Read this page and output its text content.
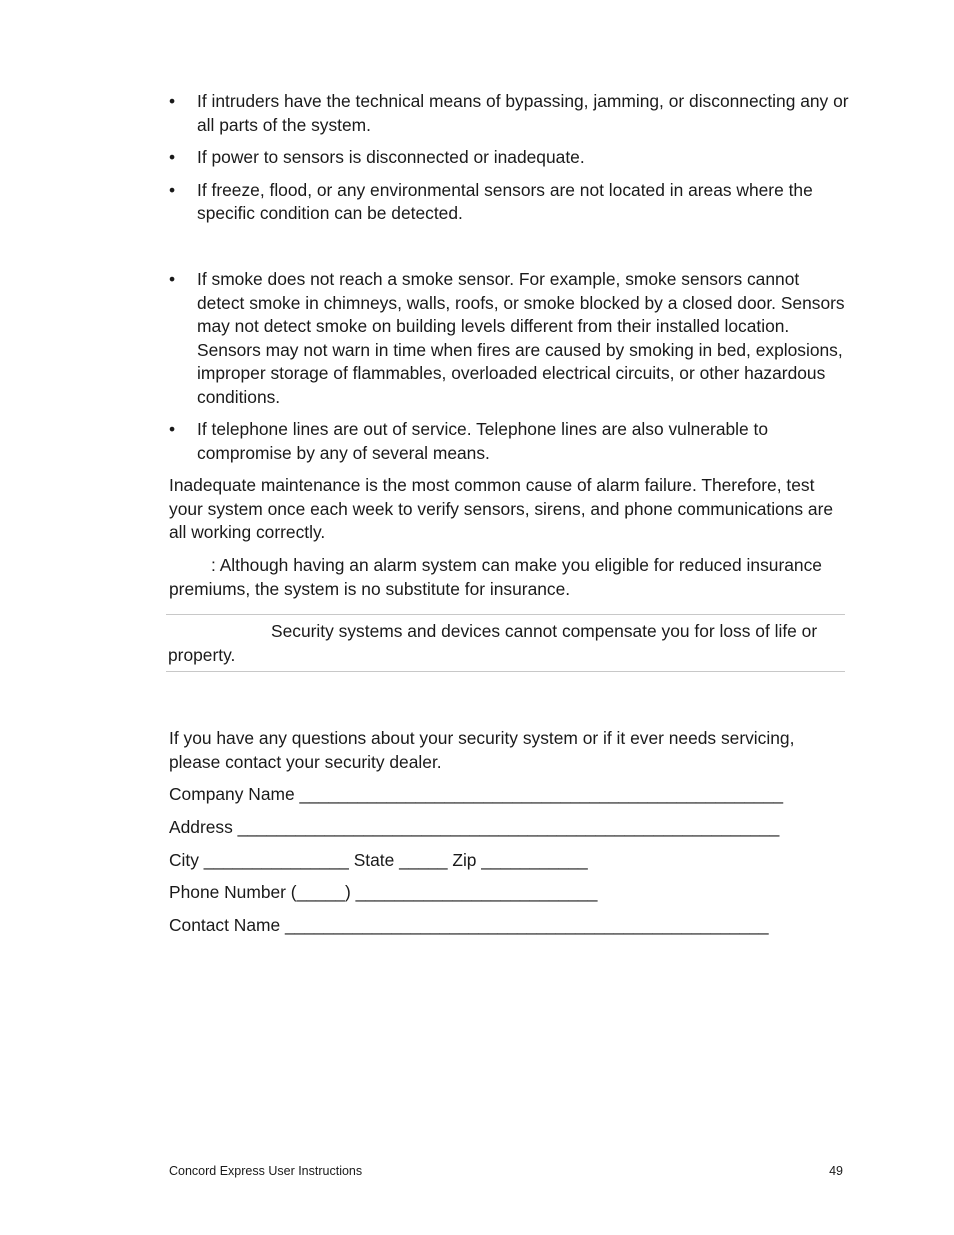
• If intruders have the technical means of bypassing, jamming, or disconnecting any or all parts of the system.
• If power to sensors is disconnected or inadequate.
• If freeze, flood, or any environmental sensors are not located in areas where the specific condition can be detected.
• If smoke does not reach a smoke sensor. For example, smoke sensors cannot detect smoke in chimneys, walls, roofs, or smoke blocked by a closed door. Sensors may not detect smoke on building levels different from their installed location. Sensors may not warn in time when fires are caused by smoking in bed, explosions, improper storage of flammables, overloaded electrical circuits, or other hazardous conditions.
• If telephone lines are out of service. Telephone lines are also vulnerable to compromise by any of several means.

Inadequate maintenance is the most common cause of alarm failure. Therefore, test your system once each week to verify sensors, sirens, and phone communications are all working correctly.

: Although having an alarm system can make you eligible for reduced insurance premiums, the system is no substitute for insurance.

Security systems and devices cannot compensate you for loss of life or property.

If you have any questions about your security system or if it ever needs servicing, please contact your security dealer.

Company Name __________________________________________________

Address ________________________________________________________

City _______________ State _____ Zip ___________

Phone Number (_____) _________________________

Contact Name __________________________________________________

Concord Express User Instructions	49
